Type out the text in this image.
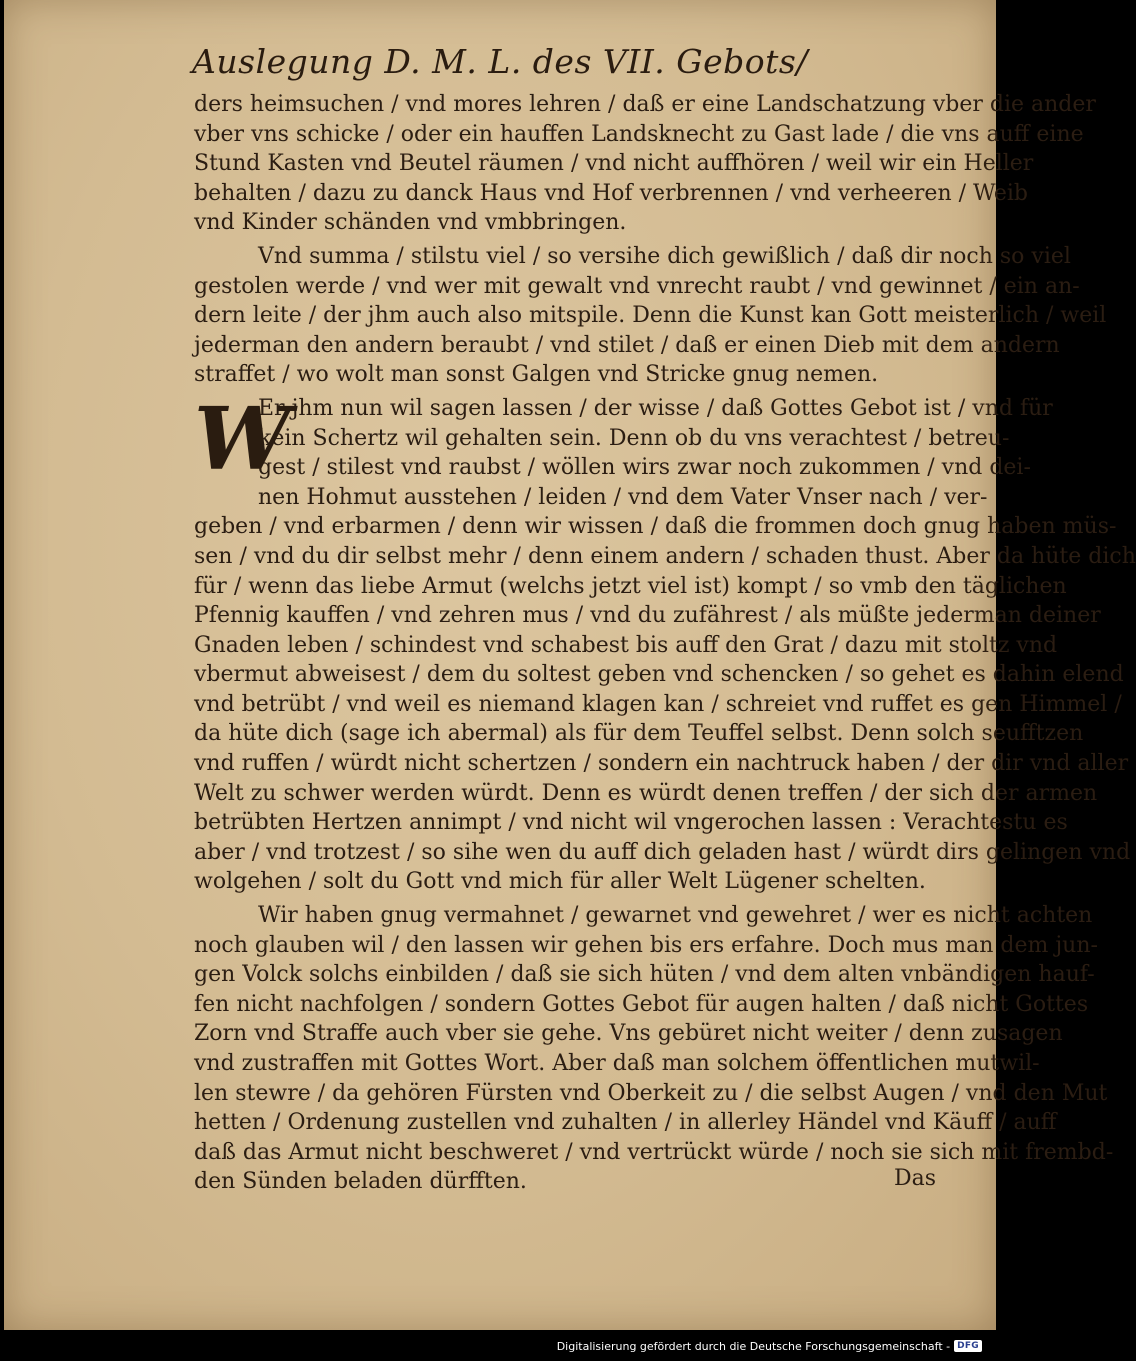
Auslegung D. M. L. des VII. Gebots/
ders heimsuchen / vnd mores lehren / daß er eine Landschatzung vber die ander
vber vns schicke / oder ein hauffen Landsknecht zu Gast lade / die vns auff eine
Stund Kasten vnd Beutel räumen / vnd nicht auffhören / weil wir ein Heller
behalten / dazu zu danck Haus vnd Hof verbrennen / vnd verheeren / Weib
vnd Kinder schänden vnd vmbbringen.
Vnd summa / stilstu viel / so versihe dich gewißlich / daß dir noch so viel
gestolen werde / vnd wer mit gewalt vnd vnrecht raubt / vnd gewinnet / ein an-
dern leite / der jhm auch also mitspile. Denn die Kunst kan Gott meisterlich / weil
jederman den andern beraubt / vnd stilet / daß er einen Dieb mit dem andern
straffet / wo wolt man sonst Galgen vnd Stricke gnug nemen.
W
Er jhm nun wil sagen lassen / der wisse / daß Gottes Gebot ist / vnd für
kein Schertz wil gehalten sein. Denn ob du vns verachtest / betreu-
gest / stilest vnd raubst / wöllen wirs zwar noch zukommen / vnd dei-
nen Hohmut ausstehen / leiden / vnd dem Vater Vnser nach / ver-
geben / vnd erbarmen / denn wir wissen / daß die frommen doch gnug haben müs-
sen / vnd du dir selbst mehr / denn einem andern / schaden thust. Aber da hüte dich
für / wenn das liebe Armut (welchs jetzt viel ist) kompt / so vmb den täglichen
Pfennig kauffen / vnd zehren mus / vnd du zufährest / als müßte jederman deiner
Gnaden leben / schindest vnd schabest bis auff den Grat / dazu mit stoltz vnd
vbermut abweisest / dem du soltest geben vnd schencken / so gehet es dahin elend
vnd betrübt / vnd weil es niemand klagen kan / schreiet vnd ruffet es gen Himmel /
da hüte dich (sage ich abermal) als für dem Teuffel selbst. Denn solch seufftzen
vnd ruffen / würdt nicht schertzen / sondern ein nachtruck haben / der dir vnd aller
Welt zu schwer werden würdt. Denn es würdt denen treffen / der sich der armen
betrübten Hertzen annimpt / vnd nicht wil vngerochen lassen : Verachtestu es
aber / vnd trotzest / so sihe wen du auff dich geladen hast / würdt dirs gelingen vnd
wolgehen / solt du Gott vnd mich für aller Welt Lügener schelten.
Wir haben gnug vermahnet / gewarnet vnd gewehret / wer es nicht achten
noch glauben wil / den lassen wir gehen bis ers erfahre. Doch mus man dem jun-
gen Volck solchs einbilden / daß sie sich hüten / vnd dem alten vnbändigen hauf-
fen nicht nachfolgen / sondern Gottes Gebot für augen halten / daß nicht Gottes
Zorn vnd Straffe auch vber sie gehe. Vns gebüret nicht weiter / denn zusagen
vnd zustraffen mit Gottes Wort. Aber daß man solchem öffentlichen mutwil-
len stewre / da gehören Fürsten vnd Oberkeit zu / die selbst Augen / vnd den Mut
hetten / Ordenung zustellen vnd zuhalten / in allerley Händel vnd Käuff / auff
daß das Armut nicht beschweret / vnd vertrückt würde / noch sie sich mit frembd-
den Sünden beladen dürfften.	Das
Digitalisierung gefördert durch die Deutsche Forschungsgemeinschaft - DFG
